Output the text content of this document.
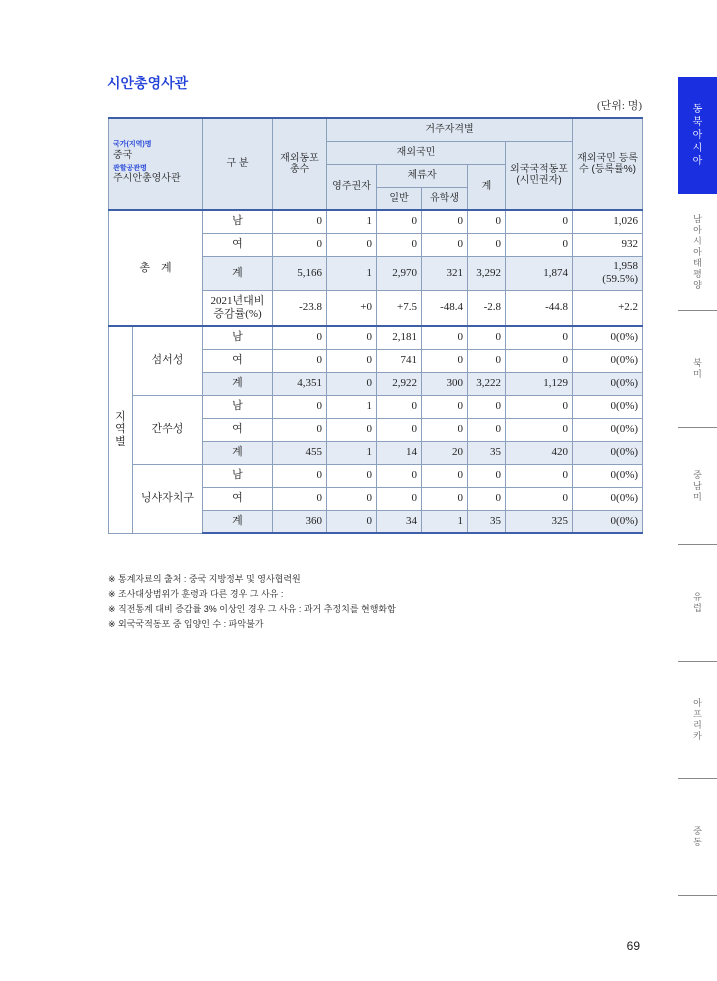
시안총영사관
(단위: 명)
국가(지역)명
중국
관할공관명
주시안총영사관		구 분	재외동포 총수	거주자격별					재외국민 등록수 (등록률%)
				재외국민				외국국적동포 (시민권자)	
				영주권자	체류자		계		
					일반	유학생			
총　계		남	0	1	0	0	0	0	1,026
		여	0	0	0	0	0	0	932
		계	5,166	1	2,970	321	3,292	1,874	1,958 (59.5%)
		2021년대비 증감률(%)	-23.8	+0	+7.5	-48.4	-2.8	-44.8	+2.2
지
역
별	섬서성	남	0	0	2,181	0	0	0	0(0%)
		여	0	0	741	0	0	0	0(0%)
		계	4,351	0	2,922	300	3,222	1,129	0(0%)
	간쑤성	남	0	1	0	0	0	0	0(0%)
		여	0	0	0	0	0	0	0(0%)
		계	455	1	14	20	35	420	0(0%)
	닝샤자치구	남	0	0	0	0	0	0	0(0%)
		여	0	0	0	0	0	0	0(0%)
		계	360	0	34	1	35	325	0(0%)
※ 통계자료의 출처 : 중국 지방정부 및 영사협력원
※ 조사대상범위가 훈령과 다른 경우 그 사유 :
※ 직전통계 대비 증감률 3% 이상인 경우 그 사유 : 과거 추정치를 현행화함
※ 외국국적동포 중 입양인 수 : 파악불가
69
동
북
아
시
아
남
아
시
아
태
평
양
북
미
중
남
미
유
럽
아
프
리
카
중
동
